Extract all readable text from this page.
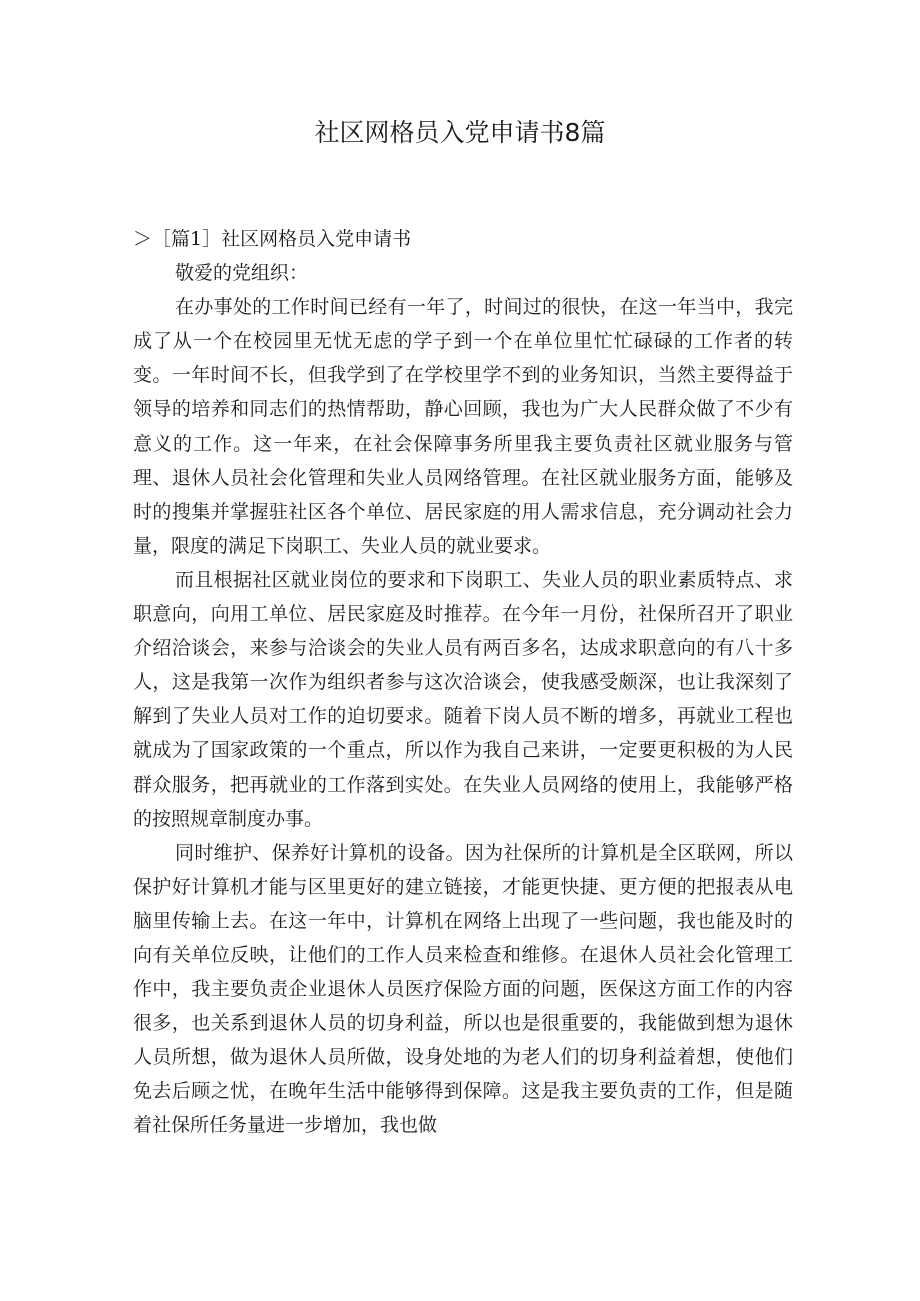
社区网格员入党申请书8篇

＞［篇1］社区网格员入党申请书

敬爱的党组织：

在办事处的工作时间已经有一年了，时间过的很快，在这一年当中，我完成了从一个在校园里无忧无虑的学子到一个在单位里忙忙碌碌的工作者的转变。一年时间不长，但我学到了在学校里学不到的业务知识，当然主要得益于领导的培养和同志们的热情帮助，静心回顾，我也为广大人民群众做了不少有意义的工作。这一年来，在社会保障事务所里我主要负责社区就业服务与管理、退休人员社会化管理和失业人员网络管理。在社区就业服务方面，能够及时的搜集并掌握驻社区各个单位、居民家庭的用人需求信息，充分调动社会力量，限度的满足下岗职工、失业人员的就业要求。

而且根据社区就业岗位的要求和下岗职工、失业人员的职业素质特点、求职意向，向用工单位、居民家庭及时推荐。在今年一月份，社保所召开了职业介绍洽谈会，来参与洽谈会的失业人员有两百多名，达成求职意向的有八十多人，这是我第一次作为组织者参与这次洽谈会，使我感受颇深，也让我深刻了解到了失业人员对工作的迫切要求。随着下岗人员不断的增多，再就业工程也就成为了国家政策的一个重点，所以作为我自己来讲，一定要更积极的为人民群众服务，把再就业的工作落到实处。在失业人员网络的使用上，我能够严格的按照规章制度办事。

同时维护、保养好计算机的设备。因为社保所的计算机是全区联网，所以保护好计算机才能与区里更好的建立链接，才能更快捷、更方便的把报表从电脑里传输上去。在这一年中，计算机在网络上出现了一些问题，我也能及时的向有关单位反映，让他们的工作人员来检查和维修。在退休人员社会化管理工作中，我主要负责企业退休人员医疗保险方面的问题，医保这方面工作的内容很多，也关系到退休人员的切身利益，所以也是很重要的，我能做到想为退休人员所想，做为退休人员所做，设身处地的为老人们的切身利益着想，使他们免去后顾之忧，在晚年生活中能够得到保障。这是我主要负责的工作，但是随着社保所任务量进一步增加，我也做
